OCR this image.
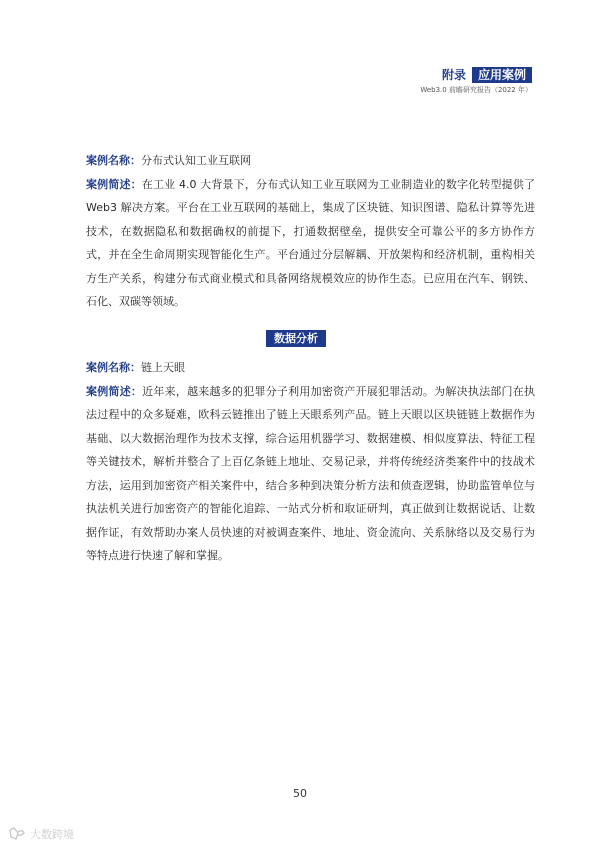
附录	应用案例
Web3.0 前瞻研究报告（2022 年）

案例名称：分布式认知工业互联网

案例简述：在工业 4.0 大背景下，分布式认知工业互联网为工业制造业的数字化转型提供了 Web3 解决方案。平台在工业互联网的基础上，集成了区块链、知识图谱、隐私计算等先进技术，在数据隐私和数据确权的前提下，打通数据壁垒，提供安全可靠公平的多方协作方式，并在全生命周期实现智能化生产。平台通过分层解耦、开放架构和经济机制，重构相关方生产关系，构建分布式商业模式和具备网络规模效应的协作生态。已应用在汽车、钢铁、石化、双碳等领域。

数据分析

案例名称：链上天眼

案例简述：近年来，越来越多的犯罪分子利用加密资产开展犯罪活动。为解决执法部门在执法过程中的众多疑难，欧科云链推出了链上天眼系列产品。链上天眼以区块链链上数据作为基础、以大数据治理作为技术支撑，综合运用机器学习、数据建模、相似度算法、特征工程等关键技术，解析并整合了上百亿条链上地址、交易记录，并将传统经济类案件中的技战术方法，运用到加密资产相关案件中，结合多种到决策分析方法和侦查逻辑，协助监管单位与执法机关进行加密资产的智能化追踪、一站式分析和取证研判，真正做到让数据说话、让数据作证，有效帮助办案人员快速的对被调查案件、地址、资金流向、关系脉络以及交易行为等特点进行快速了解和掌握。

50
大数跨境
